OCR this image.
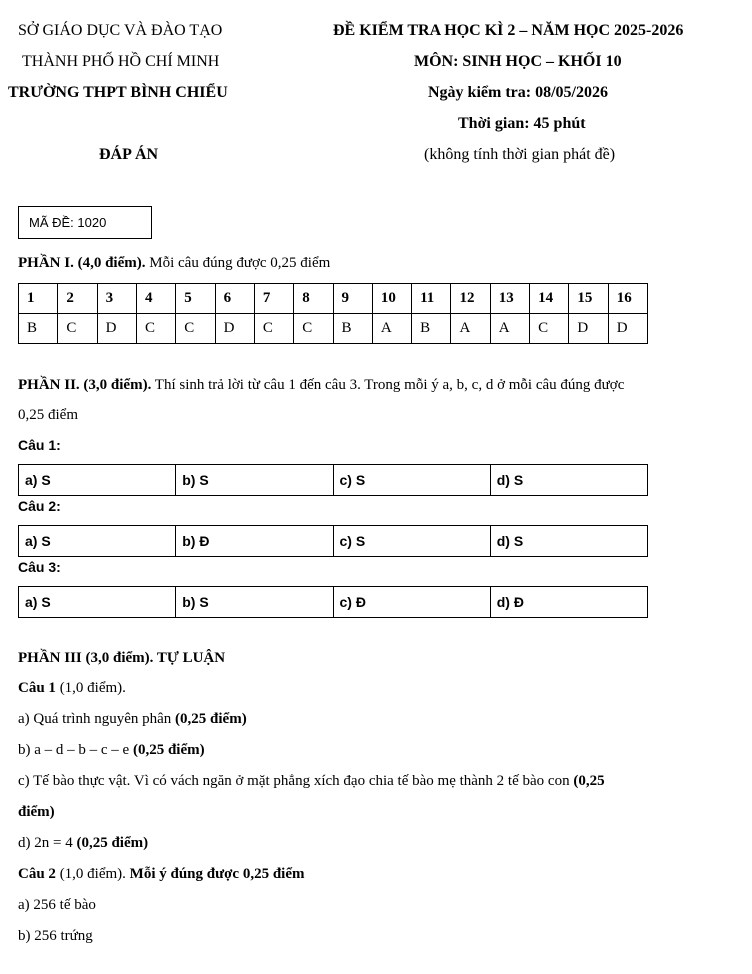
SỞ GIÁO DỤC VÀ ĐÀO TẠO
THÀNH PHỐ HỒ CHÍ MINH
TRƯỜNG THPT BÌNH CHIỂU
ĐÁP ÁN
ĐỀ KIỂM TRA HỌC KÌ 2 – NĂM HỌC 2025-2026
MÔN: SINH HỌC – KHỐI 10
Ngày kiểm tra: 08/05/2026
Thời gian: 45 phút
(không tính thời gian phát đề)
MÃ ĐỀ: 1020
PHẦN I. (4,0 điểm). Mỗi câu đúng được 0,25 điểm
1	2	3	4	5	6	7	8	9	10	11	12	13	14	15	16
B	C	D	C	C	D	C	C	B	A	B	A	A	C	D	D
PHẦN II. (3,0 điểm). Thí sinh trả lời từ câu 1 đến câu 3. Trong mỗi ý a, b, c, d ở mỗi câu đúng được
0,25 điểm
Câu 1:
a) S	b) S	c) S	d) S
Câu 2:
a) S	b) Đ	c) S	d) S
Câu 3:
a) S	b) S	c) Đ	d) Đ
PHẦN III (3,0 điểm). TỰ LUẬN
Câu 1 (1,0 điểm).
a) Quá trình nguyên phân (0,25 điểm)
b) a – d – b – c – e (0,25 điểm)
c) Tế bào thực vật. Vì có vách ngăn ở mặt phẳng xích đạo chia tế bào mẹ thành 2 tế bào con (0,25
điểm)
d) 2n = 4 (0,25 điểm)
Câu 2 (1,0 điểm). Mỗi ý đúng được 0,25 điểm
a) 256 tế bào
b) 256 trứng
